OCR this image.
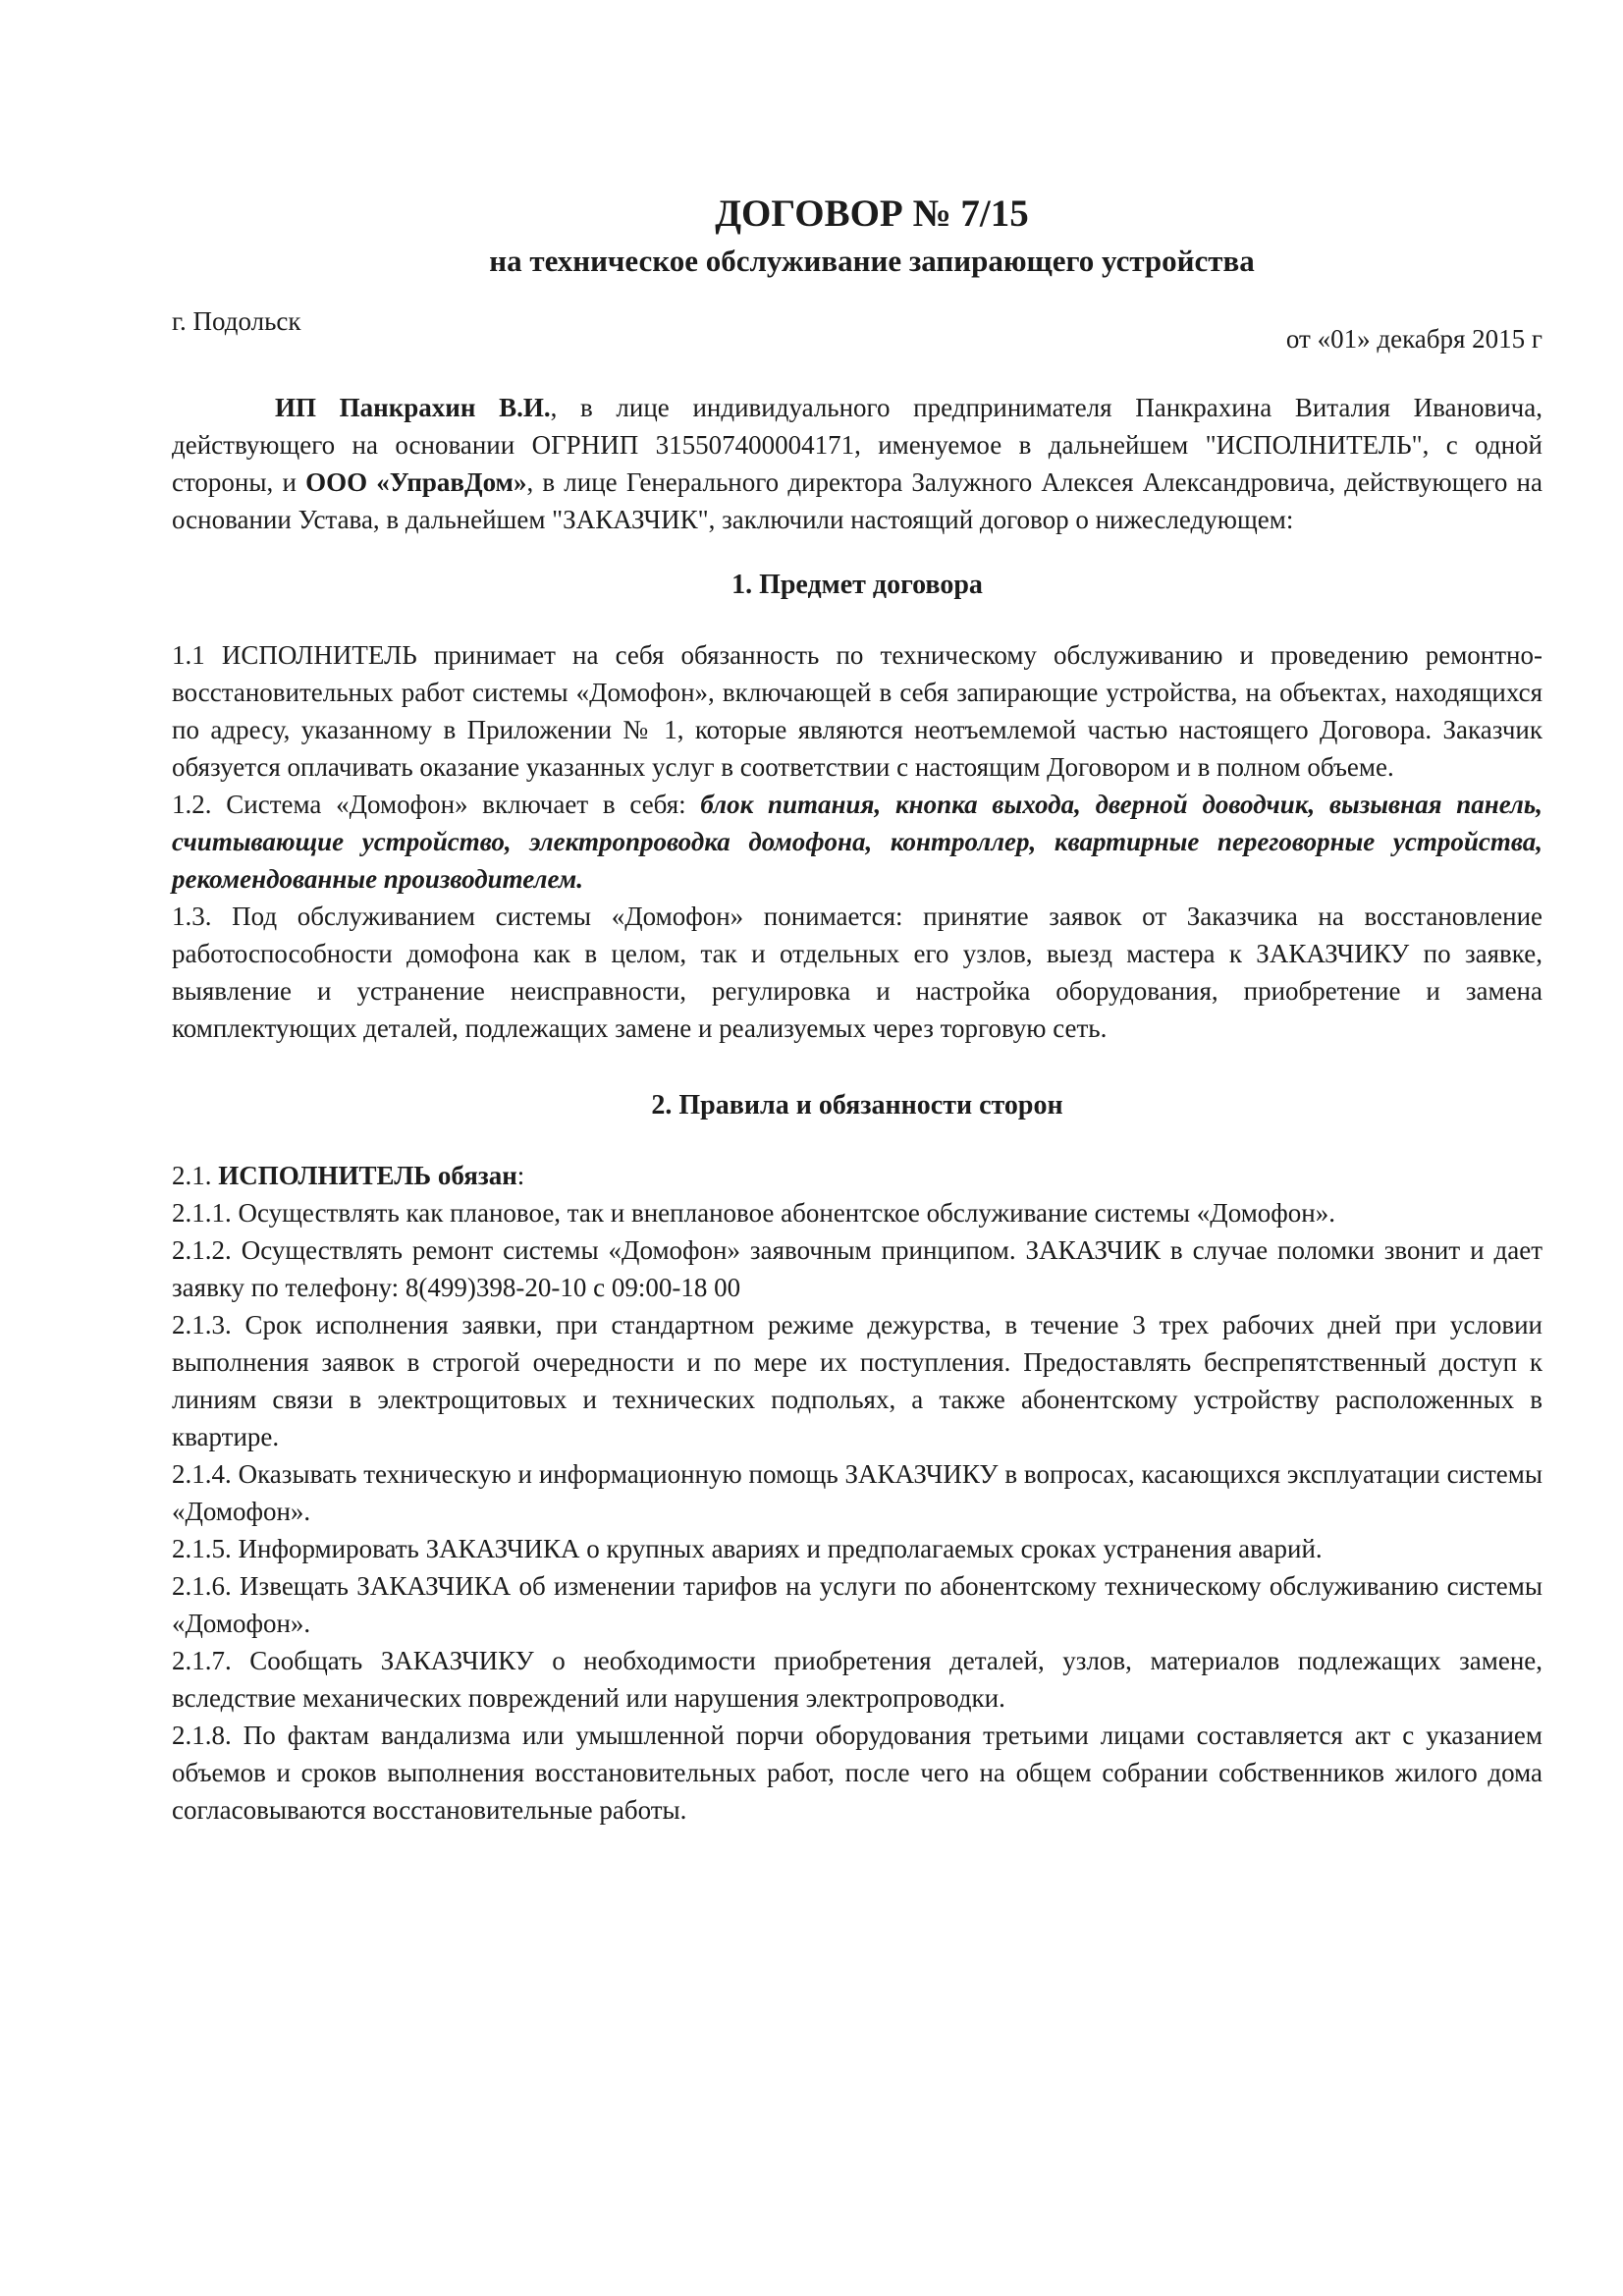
ДОГОВОР № 7/15
на техническое обслуживание запирающего устройства
г. Подольск
от «01» декабря 2015 г

ИП Панкрахин В.И., в лице индивидуального предпринимателя Панкрахина Виталия Ивановича, действующего на основании ОГРНИП 315507400004171, именуемое в дальнейшем "ИСПОЛНИТЕЛЬ", с одной стороны, и ООО «УправДом», в лице Генерального директора Залужного Алексея Александровича, действующего на основании Устава, в дальнейшем "ЗАКАЗЧИК", заключили настоящий договор о нижеследующем:

1. Предмет договора

1.1 ИСПОЛНИТЕЛЬ принимает на себя обязанность по техническому обслуживанию и проведению ремонтно-восстановительных работ системы «Домофон», включающей в себя запирающие устройства, на объектах, находящихся по адресу, указанному в Приложении № 1, которые являются неотъемлемой частью настоящего Договора. Заказчик обязуется оплачивать оказание указанных услуг в соответствии с настоящим Договором и в полном объеме.

1.2. Система «Домофон» включает в себя: блок питания, кнопка выхода, дверной доводчик, вызывная панель, считывающие устройство, электропроводка домофона, контроллер, квартирные переговорные устройства, рекомендованные производителем.

1.3. Под обслуживанием системы «Домофон» понимается: принятие заявок от Заказчика на восстановление работоспособности домофона как в целом, так и отдельных его узлов, выезд мастера к ЗАКАЗЧИКУ по заявке, выявление и устранение неисправности, регулировка и настройка оборудования, приобретение и замена комплектующих деталей, подлежащих замене и реализуемых через торговую сеть.

2. Правила и обязанности сторон

2.1. ИСПОЛНИТЕЛЬ обязан:

2.1.1. Осуществлять как плановое, так и внеплановое абонентское обслуживание системы «Домофон».

2.1.2. Осуществлять ремонт системы «Домофон» заявочным принципом. ЗАКАЗЧИК в случае поломки звонит и дает заявку по телефону: 8(499)398-20-10 с 09:00-18 00

2.1.3. Срок исполнения заявки, при стандартном режиме дежурства, в течение 3 трех рабочих дней при условии выполнения заявок в строгой очередности и по мере их поступления. Предоставлять беспрепятственный доступ к линиям связи в электрощитовых и технических подпольях, а также абонентскому устройству расположенных в квартире.

2.1.4. Оказывать техническую и информационную помощь ЗАКАЗЧИКУ в вопросах, касающихся эксплуатации системы «Домофон».

2.1.5. Информировать ЗАКАЗЧИКА о крупных авариях и предполагаемых сроках устранения аварий.

2.1.6. Извещать ЗАКАЗЧИКА об изменении тарифов на услуги по абонентскому техническому обслуживанию системы «Домофон».

2.1.7. Сообщать ЗАКАЗЧИКУ о необходимости приобретения деталей, узлов, материалов подлежащих замене, вследствие механических повреждений или нарушения электропроводки.

2.1.8. По фактам вандализма или умышленной порчи оборудования третьими лицами составляется акт с указанием объемов и сроков выполнения восстановительных работ, после чего на общем собрании собственников жилого дома согласовываются восстановительные работы.
